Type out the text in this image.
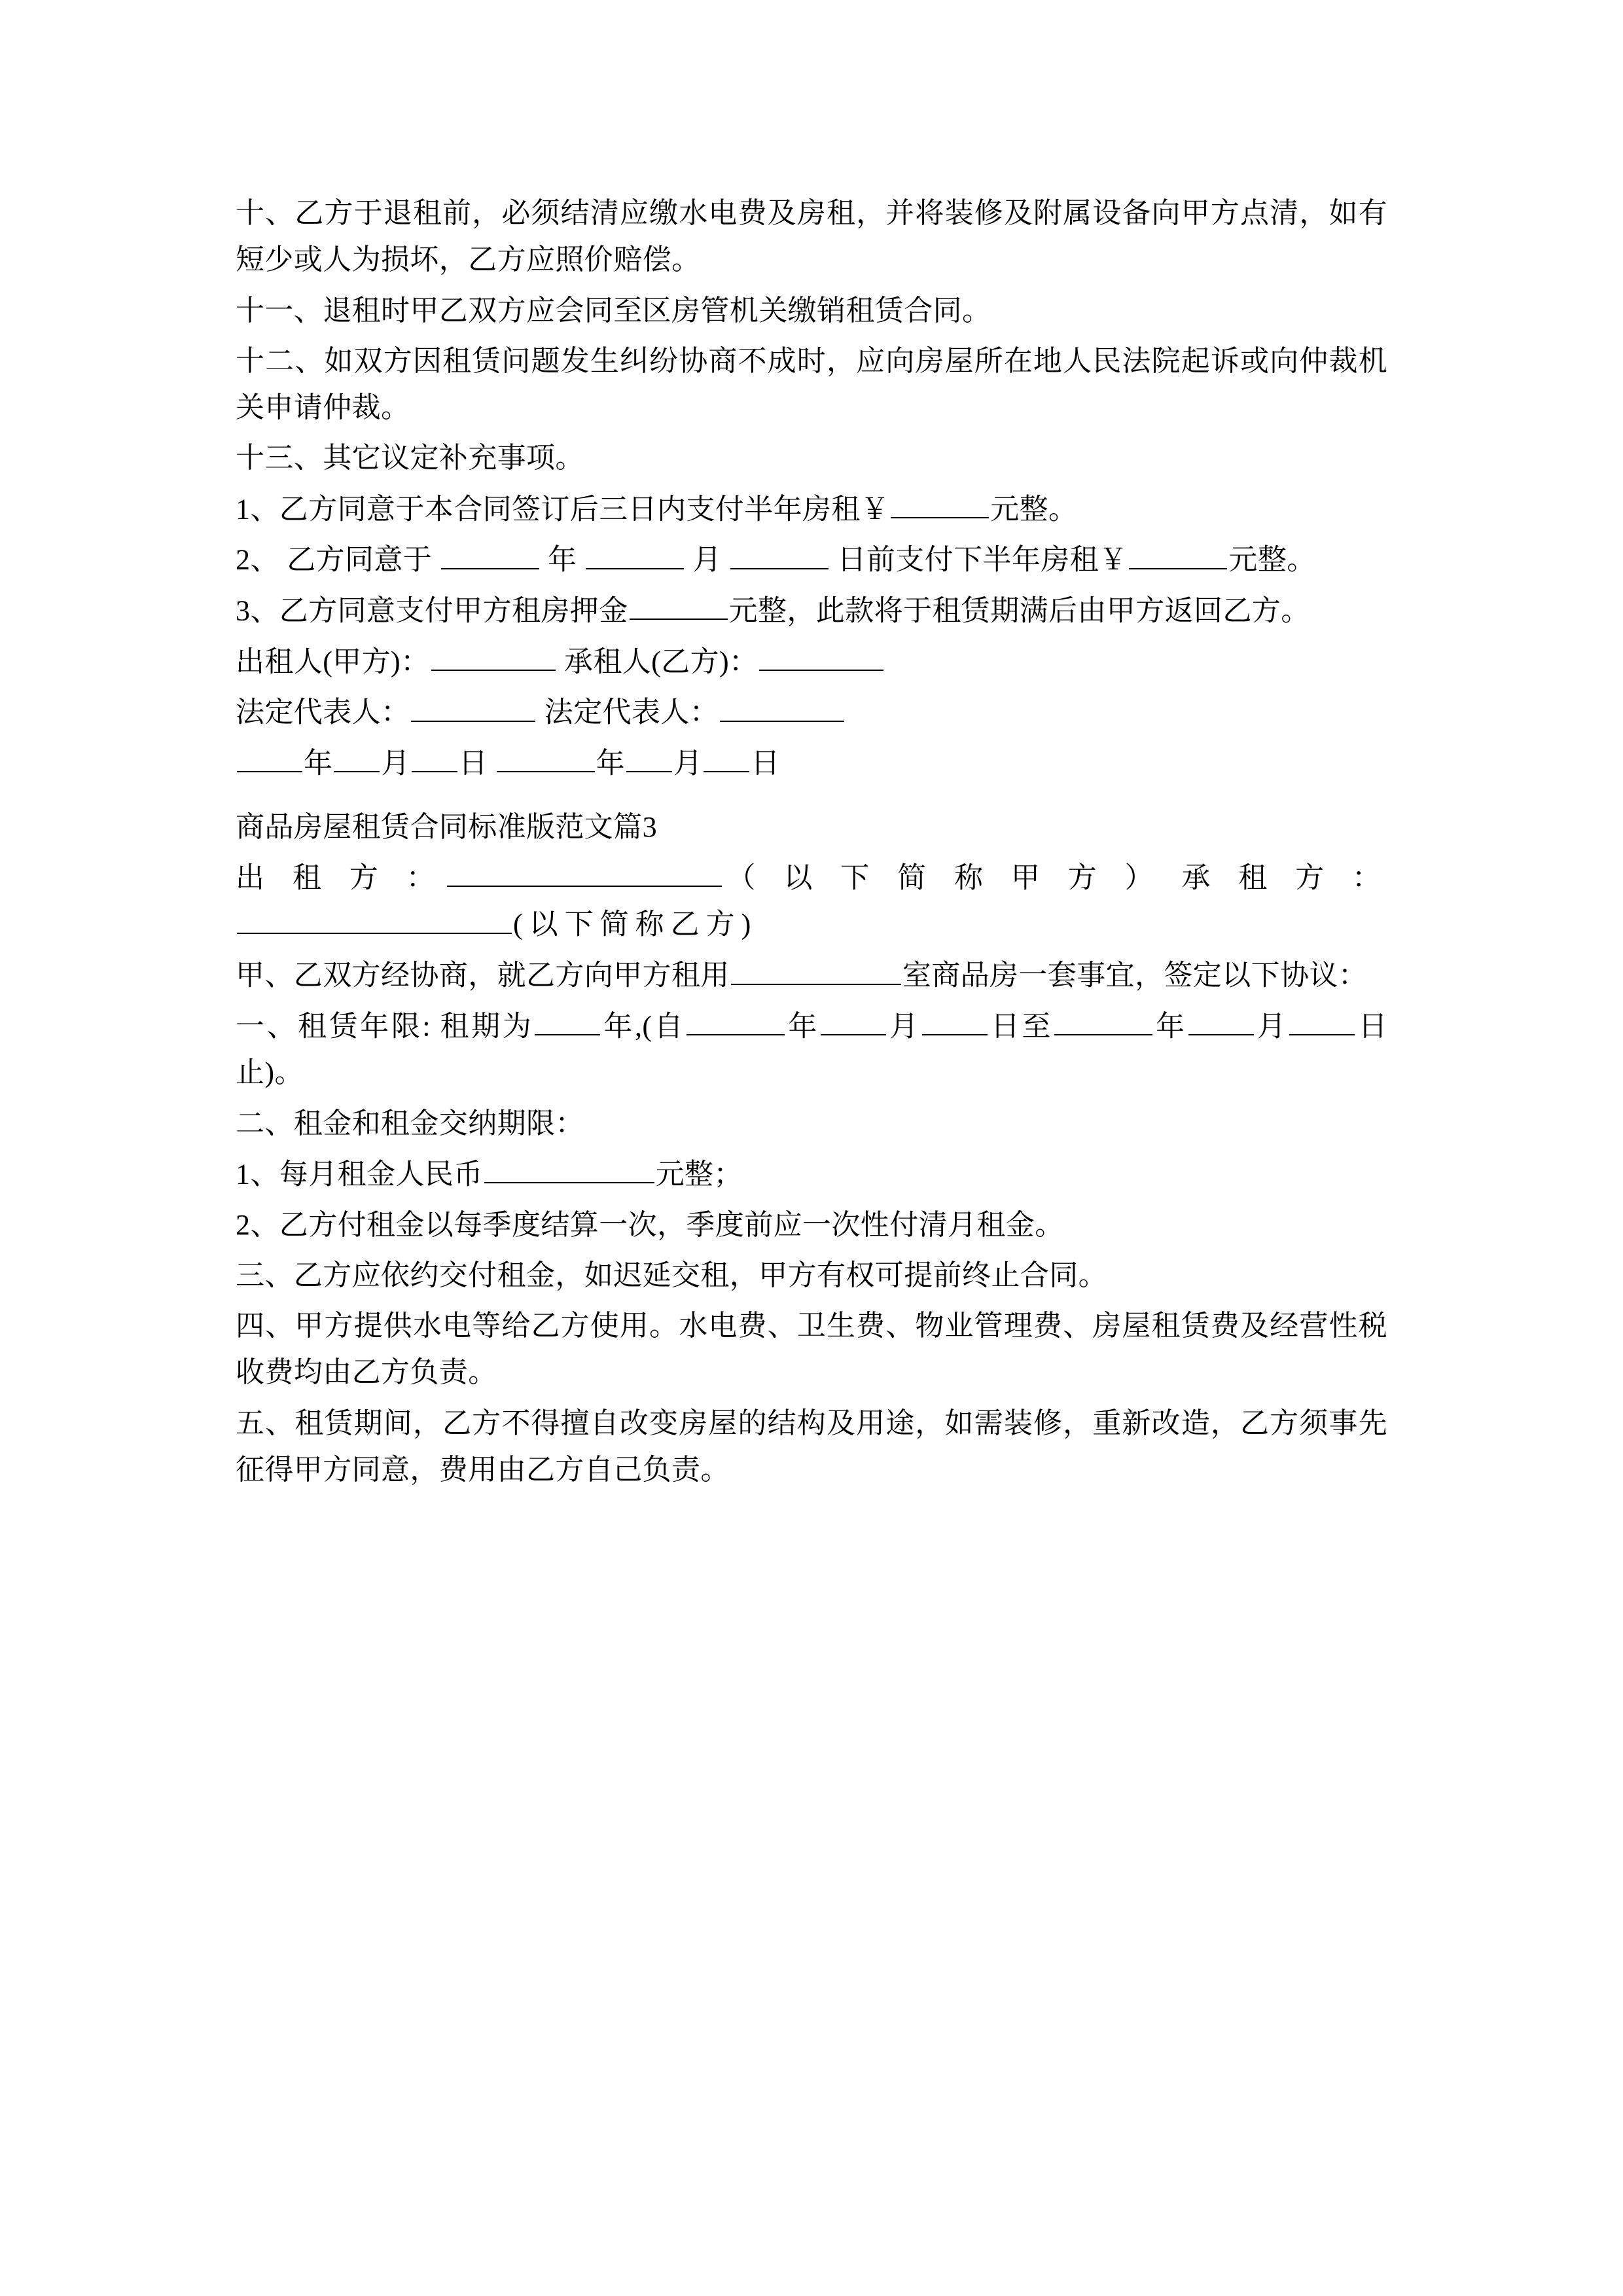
十、乙方于退租前，必须结清应缴水电费及房租，并将装修及附属设备向甲方点清，如有短少或人为损坏，乙方应照价赔偿。

十一、退租时甲乙双方应会同至区房管机关缴销租赁合同。

十二、如双方因租赁问题发生纠纷协商不成时，应向房屋所在地人民法院起诉或向仲裁机关申请仲裁。

十三、其它议定补充事项。

1、乙方同意于本合同签订后三日内支付半年房租￥	元整。

2、 乙方同意于	年	月	日前支付下半年房租￥	元整。

3、乙方同意支付甲方租房押金	元整，此款将于租赁期满后由甲方返回乙方。

出租人(甲方)：	承租人(乙方)：

法定代表人：	法定代表人：

年 月 日	年 月 日

商品房屋租赁合同标准版范文篇3

出 租 方 ：	（ 以 下 简 称 甲 方 ） 承 租 方 ：(以下简称乙方)

甲、乙双方经协商，就乙方向甲方租用	室商品房一套事宜，签定以下协议：

一、租赁年限: 租期为 年,(自	年 月 日至	年 月 日止)。

二、租金和租金交纳期限：

1、每月租金人民币	元整；

2、乙方付租金以每季度结算一次，季度前应一次性付清月租金。

三、乙方应依约交付租金，如迟延交租，甲方有权可提前终止合同。

四、甲方提供水电等给乙方使用。水电费、卫生费、物业管理费、房屋租赁费及经营性税收费均由乙方负责。

五、租赁期间，乙方不得擅自改变房屋的结构及用途，如需装修，重新改造，乙方须事先征得甲方同意，费用由乙方自己负责。
